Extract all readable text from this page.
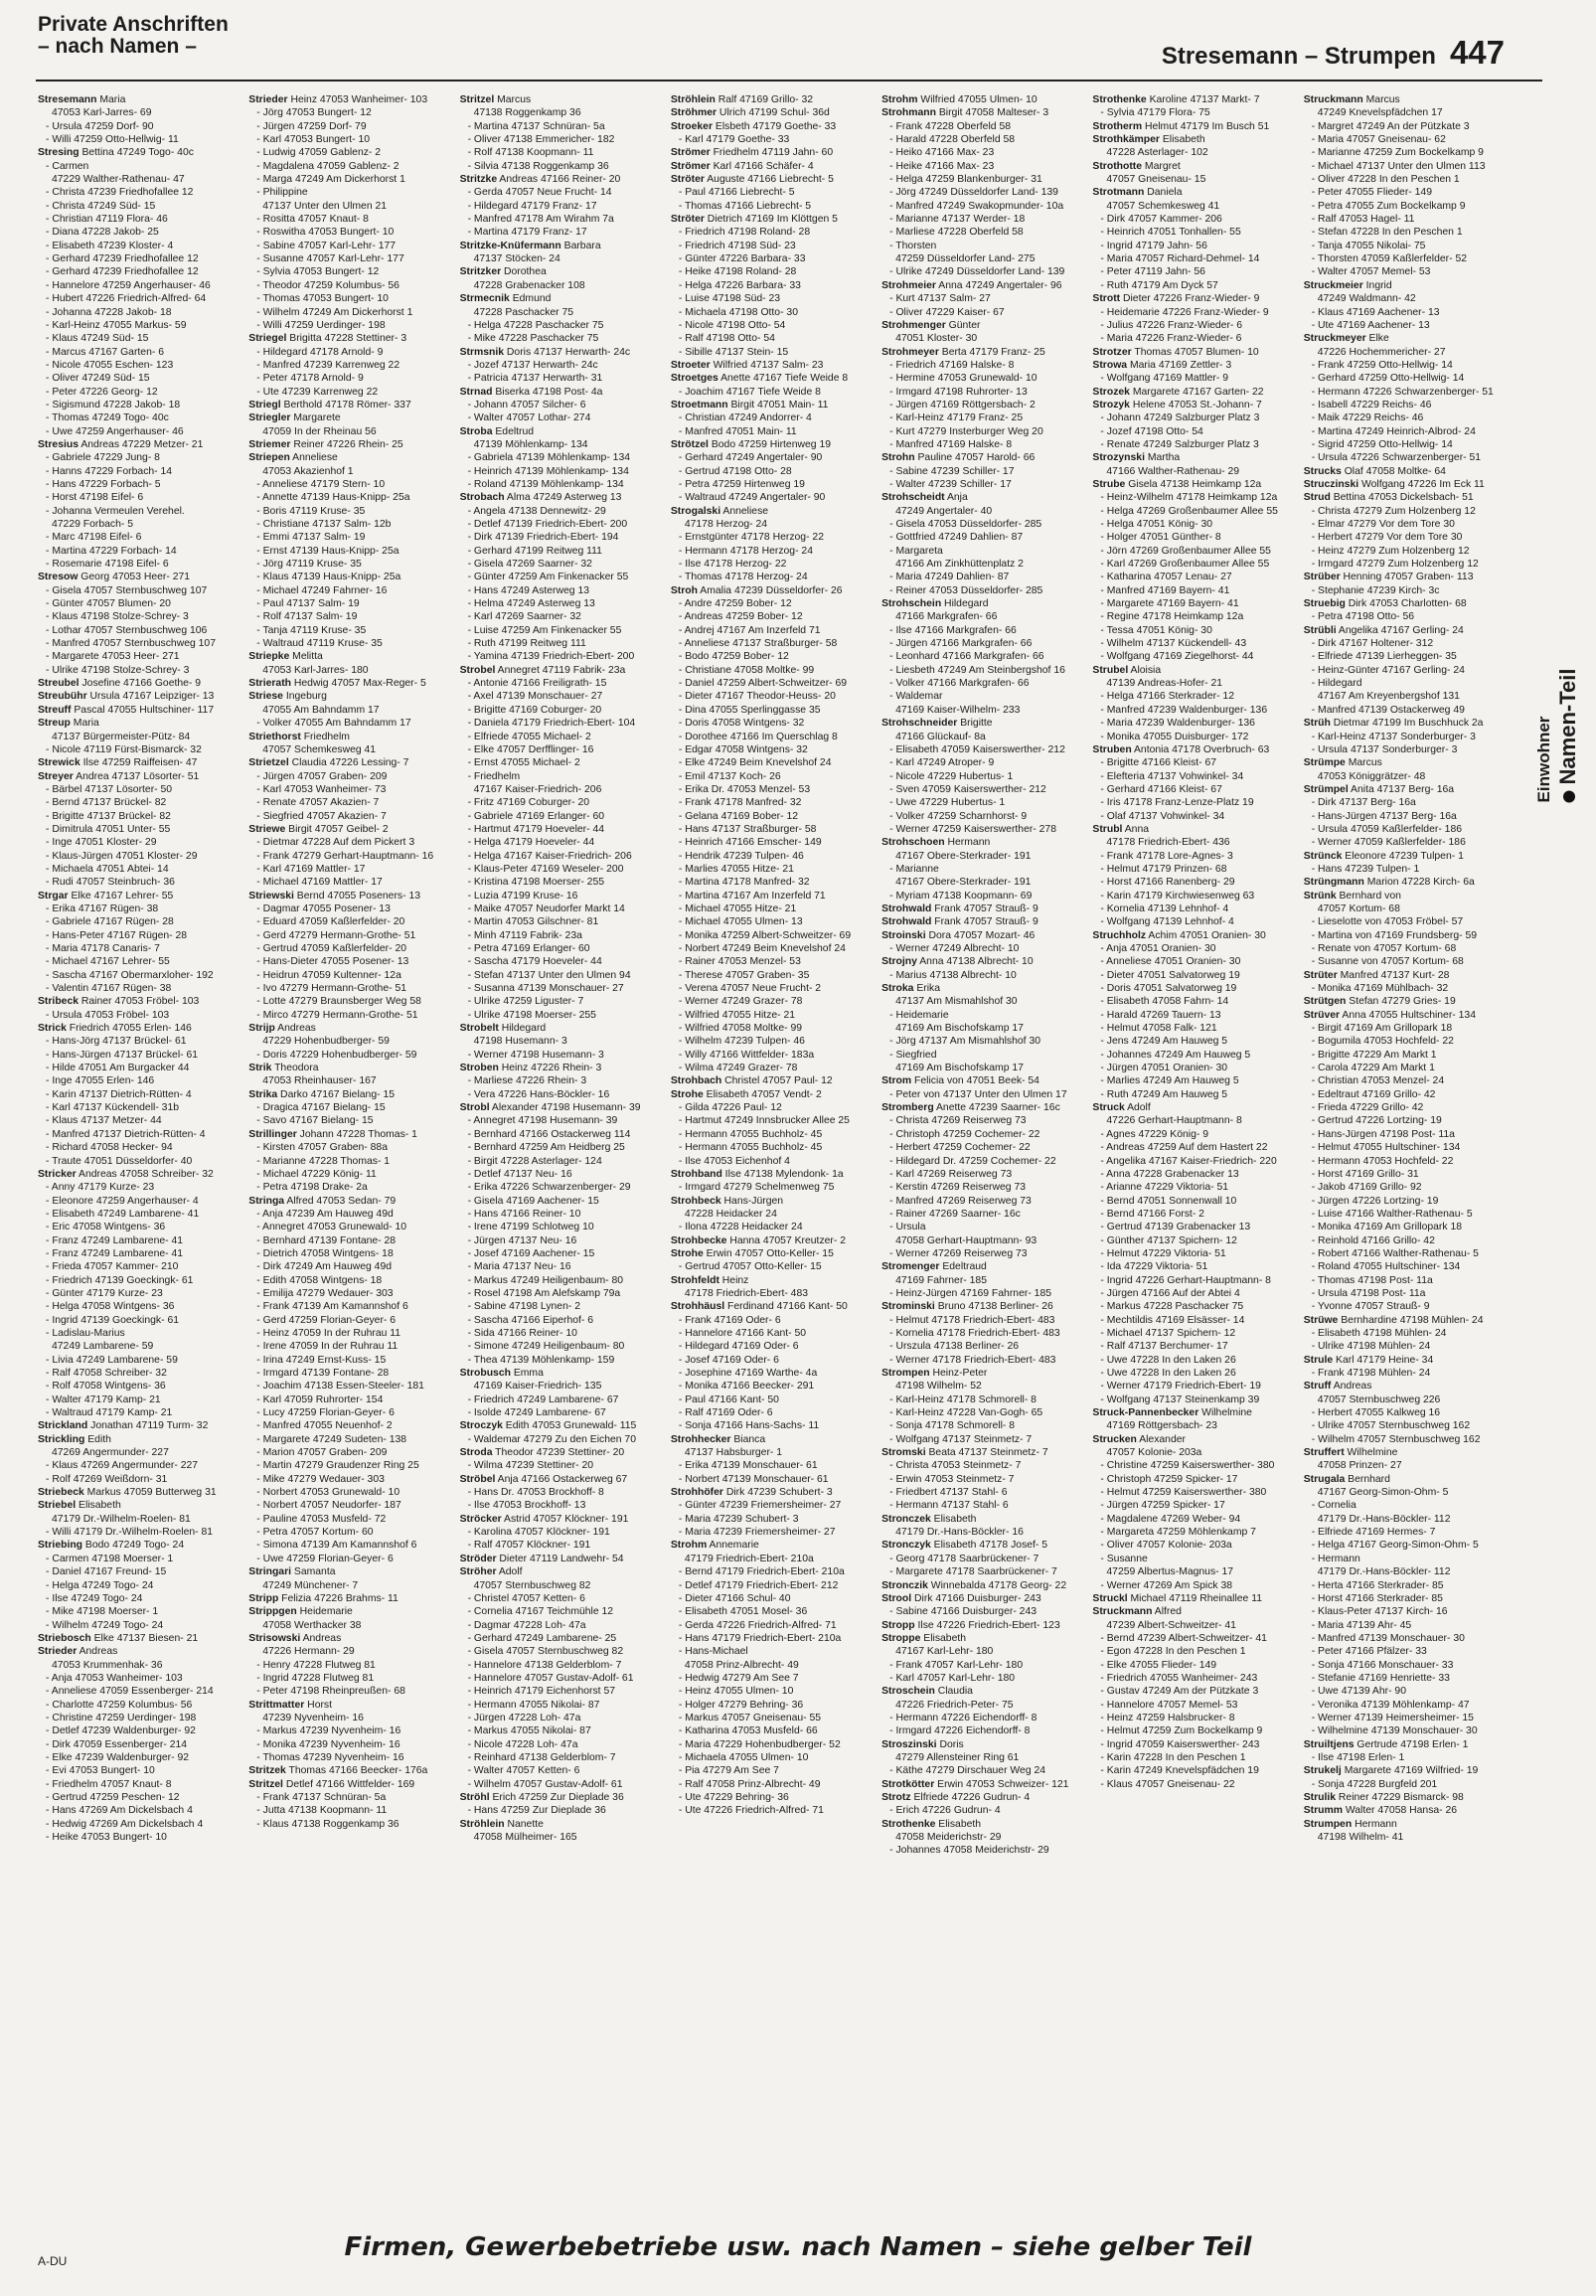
Private Anschriften
– nach Namen –	Stresemann – Strumpen 447
Stresemann Maria
47053 Karl-Jarres- 69
- Ursula 47259 Dorf- 90
- Willi 47259 Otto-Hellwig- 11
Stresing Bettina 47249 Togo- 40c
- Carmen
47229 Walther-Rathenau- 47
- Christa 47239 Friedhofallee 12
- Christa 47249 Süd- 15
- Christian 47119 Flora- 46
- Diana 47228 Jakob- 25
- Elisabeth 47239 Kloster- 4
- Gerhard 47239 Friedhofallee 12
- Gerhard 47239 Friedhofallee 12
- Hannelore 47259 Angerhauser- 46
- Hubert 47226 Friedrich-Alfred- 64
- Johanna 47228 Jakob- 18
- Karl-Heinz 47055 Markus- 59
- Klaus 47249 Süd- 15
- Marcus 47167 Garten- 6
- Nicole 47055 Eschen- 123
- Oliver 47249 Süd- 15
- Peter 47226 Georg- 12
- Sigismund 47228 Jakob- 18
- Thomas 47249 Togo- 40c
- Uwe 47259 Angerhauser- 46
Stresius Andreas 47229 Metzer- 21
- Gabriele 47229 Jung- 8
- Hanns 47229 Forbach- 14
- Hans 47229 Forbach- 5
- Horst 47198 Eifel- 6
- Johanna Vermeulen Verehel.
47229 Forbach- 5
- Marc 47198 Eifel- 6
- Martina 47229 Forbach- 14
- Rosemarie 47198 Eifel- 6
Stresow Georg 47053 Heer- 271
- Gisela 47057 Sternbuschweg 107
- Günter 47057 Blumen- 20
- Klaus 47198 Stolze-Schrey- 3
- Lothar 47057 Sternbuschweg 106
- Manfred 47057 Sternbuschweg 107
- Margarete 47053 Heer- 271
- Ulrike 47198 Stolze-Schrey- 3
Streubel Josefine 47166 Goethe- 9
Streubühr Ursula 47167 Leipziger- 13
Streuff Pascal 47055 Hultschiner- 117
Streup Maria
47137 Bürgermeister-Pütz- 84
- Nicole 47119 Fürst-Bismarck- 32
Strewick Ilse 47259 Raiffeisen- 47
Streyer Andrea 47137 Lösorter- 51
- Bärbel 47137 Lösorter- 50
- Bernd 47137 Brückel- 82
- Brigitte 47137 Brückel- 82
- Dimitrula 47051 Unter- 55
- Inge 47051 Kloster- 29
- Klaus-Jürgen 47051 Kloster- 29
- Michaela 47051 Abtei- 14
- Rudi 47057 Steinbruch- 36
Strgar Elke 47167 Lehrer- 55
- Erika 47167 Rügen- 38
- Gabriele 47167 Rügen- 28
- Hans-Peter 47167 Rügen- 28
- Maria 47178 Canaris- 7
- Michael 47167 Lehrer- 55
- Sascha 47167 Obermarxloher- 192
- Valentin 47167 Rügen- 38
Stribeck Rainer 47053 Fröbel- 103
- Ursula 47053 Fröbel- 103
Strick Friedrich 47055 Erlen- 146
- Hans-Jörg 47137 Brückel- 61
- Hans-Jürgen 47137 Brückel- 61
- Hilde 47051 Am Burgacker 44
- Inge 47055 Erlen- 146
- Karin 47137 Dietrich-Rütten- 4
- Karl 47137 Kückendell- 31b
- Klaus 47137 Metzer- 44
- Manfred 47137 Dietrich-Rütten- 4
- Richard 47058 Hecker- 94
- Traute 47051 Düsseldorfer- 40
Stricker Andreas 47058 Schreiber- 32
- Anny 47179 Kurze- 23
- Eleonore 47259 Angerhauser- 4
- Elisabeth 47249 Lambarene- 41
- Eric 47058 Wintgens- 36
- Franz 47249 Lambarene- 41
- Franz 47249 Lambarene- 41
- Frieda 47057 Kammer- 210
- Friedrich 47139 Goeckingk- 61
- Günter 47179 Kurze- 23
- Helga 47058 Wintgens- 36
- Ingrid 47139 Goeckingk- 61
- Ladislau-Marius
47249 Lambarene- 59
- Livia 47249 Lambarene- 59
- Ralf 47058 Schreiber- 32
- Rolf 47058 Wintgens- 36
- Walter 47179 Kamp- 21
- Waltraud 47179 Kamp- 21
Strickland Jonathan 47119 Turm- 32
Strickling Edith
47269 Angermunder- 227
- Klaus 47269 Angermunder- 227
- Rolf 47269 Weißdorn- 31
Striebeck Markus 47059 Butterweg 31
Striebel Elisabeth
47179 Dr.-Wilhelm-Roelen- 81
- Willi 47179 Dr.-Wilhelm-Roelen- 81
Striebing Bodo 47249 Togo- 24
- Carmen 47198 Moerser- 1
- Daniel 47167 Freund- 15
- Helga 47249 Togo- 24
- Ilse 47249 Togo- 24
- Mike 47198 Moerser- 1
- Wilhelm 47249 Togo- 24
Striebosch Elke 47137 Biesen- 21
Strieder Andreas
47053 Krummenhak- 36
- Anja 47053 Wanheimer- 103
- Anneliese 47059 Essenberger- 214
- Charlotte 47259 Kolumbus- 56
- Christine 47259 Uerdinger- 198
- Detlef 47239 Waldenburger- 92
- Dirk 47059 Essenberger- 214
- Elke 47239 Waldenburger- 92
- Evi 47053 Bungert- 10
- Friedhelm 47057 Knaut- 8
- Gertrud 47259 Peschen- 12
- Hans 47269 Am Dickelsbach 4
- Hedwig 47269 Am Dickelsbach 4
- Heike 47053 Bungert- 10
Strieder Heinz 47053 Wanheimer- 103
- Jörg 47053 Bungert- 12
- Jürgen 47259 Dorf- 79
- Karl 47053 Bungert- 10
- Ludwig 47059 Gablenz- 2
- Magdalena 47059 Gablenz- 2
- Marga 47249 Am Dickerhorst 1
- Philippine
47137 Unter den Ulmen 21
- Rositta 47057 Knaut- 8
- Roswitha 47053 Bungert- 10
- Sabine 47057 Karl-Lehr- 177
- Susanne 47057 Karl-Lehr- 177
- Sylvia 47053 Bungert- 12
- Theodor 47259 Kolumbus- 56
- Thomas 47053 Bungert- 10
- Wilhelm 47249 Am Dickerhorst 1
- Willi 47259 Uerdinger- 198
Striegel Brigitta 47228 Stettiner- 3
- Hildegard 47178 Arnold- 9
- Manfred 47239 Karrenweg 22
- Peter 47178 Arnold- 9
- Ute 47239 Karrenweg 22
Striegl Berthold 47178 Römer- 337
Striegler Margarete
47059 In der Rheinau 56
Striemer Reiner 47226 Rhein- 25
Striepen Anneliese
47053 Akazienhof 1
- Anneliese 47179 Stern- 10
- Annette 47139 Haus-Knipp- 25a
- Boris 47119 Kruse- 35
- Christiane 47137 Salm- 12b
- Emmi 47137 Salm- 19
- Ernst 47139 Haus-Knipp- 25a
- Jörg 47119 Kruse- 35
- Klaus 47139 Haus-Knipp- 25a
- Michael 47249 Fahrner- 16
- Paul 47137 Salm- 19
- Rolf 47137 Salm- 19
- Tanja 47119 Kruse- 35
- Waltraud 47119 Kruse- 35
Striepke Melitta
47053 Karl-Jarres- 180
Strierath Hedwig 47057 Max-Reger- 5
Striese Ingeburg
47055 Am Bahndamm 17
- Volker 47055 Am Bahndamm 17
Striethorst Friedhelm
47057 Schemkesweg 41
Strietzel Claudia 47226 Lessing- 7
- Jürgen 47057 Graben- 209
- Karl 47053 Wanheimer- 73
- Renate 47057 Akazien- 7
- Siegfried 47057 Akazien- 7
Striewe Birgit 47057 Geibel- 2
- Dietmar 47228 Auf dem Pickert 3
- Frank 47279 Gerhart-Hauptmann- 16
- Karl 47169 Mattler- 17
- Michael 47169 Mattler- 17
Striewski Bernd 47055 Poseners- 13
- Dagmar 47055 Posener- 13
- Eduard 47059 Kaßlerfelder- 20
- Gerd 47279 Hermann-Grothe- 51
- Gertrud 47059 Kaßlerfelder- 20
- Hans-Dieter 47055 Posener- 13
- Heidrun 47059 Kultenner- 12a
- Ivo 47279 Hermann-Grothe- 51
- Lotte 47279 Braunsberger Weg 58
- Mirco 47279 Hermann-Grothe- 51
Strijp Andreas
47229 Hohenbudberger- 59
- Doris 47229 Hohenbudberger- 59
Strik Theodora
47053 Rheinhauser- 167
Strika Darko 47167 Bielang- 15
- Dragica 47167 Bielang- 15
- Savo 47167 Bielang- 15
Strillinger Johann 47228 Thomas- 1
- Kirsten 47057 Graben- 88a
- Marianne 47228 Thomas- 1
- Michael 47229 König- 11
- Petra 47198 Drake- 2a
Stringa Alfred 47053 Sedan- 79
- Anja 47239 Am Hauweg 49d
- Annegret 47053 Grunewald- 10
- Bernhard 47139 Fontane- 28
- Dietrich 47058 Wintgens- 18
- Dirk 47249 Am Hauweg 49d
- Edith 47058 Wintgens- 18
- Emilija 47279 Wedauer- 303
- Frank 47139 Am Kamannshof 6
- Gerd 47259 Florian-Geyer- 6
- Heinz 47059 In der Ruhrau 11
- Irene 47059 In der Ruhrau 11
- Irina 47249 Ernst-Kuss- 15
- Irmgard 47139 Fontane- 28
- Joachim 47138 Essen-Steeler- 181
- Karl 47059 Ruhrorter- 154
- Lucy 47259 Florian-Geyer- 6
- Manfred 47055 Neuenhof- 2
- Margarete 47249 Sudeten- 138
- Marion 47057 Graben- 209
- Martin 47279 Graudenzer Ring 25
- Mike 47279 Wedauer- 303
- Norbert 47053 Grunewald- 10
- Norbert 47057 Neudorfer- 187
- Pauline 47053 Musfeld- 72
- Petra 47057 Kortum- 60
- Simona 47139 Am Kamannshof 6
- Uwe 47259 Florian-Geyer- 6
Stringari Samanta
47249 Münchener- 7
Stripp Felizia 47226 Brahms- 11
Strippgen Heidemarie
47058 Werthacker 38
Strisowski Andreas
47226 Hermann- 29
- Henry 47228 Flutweg 81
- Ingrid 47228 Flutweg 81
- Peter 47198 Rheinpreußen- 68
Strittmatter Horst
47239 Nyvenheim- 16
- Markus 47239 Nyvenheim- 16
- Monika 47239 Nyvenheim- 16
- Thomas 47239 Nyvenheim- 16
Stritzek Thomas 47166 Beecker- 176a
Stritzel Detlef 47166 Wittfelder- 169
- Frank 47137 Schnüran- 5a
- Jutta 47138 Koopmann- 11
- Klaus 47138 Roggenkamp 36
Stritzel Marcus
47138 Roggenkamp 36
- Martina 47137 Schnüran- 5a
- Oliver 47138 Emmericher- 182
- Rolf 47138 Koopmann- 11
- Silvia 47138 Roggenkamp 36
Stritzke Andreas 47166 Reiner- 20
- Gerda 47057 Neue Frucht- 14
- Hildegard 47179 Franz- 17
- Manfred 47178 Am Wirahm 7a
- Martina 47179 Franz- 17
Stritzke-Knüfermann Barbara
47137 Stöcken- 24
Stritzker Dorothea
47228 Grabenacker 108
Strmecnik Edmund
47228 Paschacker 75
- Helga 47228 Paschacker 75
- Mike 47228 Paschacker 75
Strmsnik Doris 47137 Herwarth- 24c
- Jozef 47137 Herwarth- 24c
- Patricia 47137 Herwarth- 31
Strnad Biserka 47198 Post- 4a
- Johann 47057 Silcher- 6
- Walter 47057 Lothar- 274
Stroba Edeltrud
47139 Möhlenkamp- 134
- Gabriela 47139 Möhlenkamp- 134
- Heinrich 47139 Möhlenkamp- 134
- Roland 47139 Möhlenkamp- 134
Strobach Alma 47249 Asterweg 13
- Angela 47138 Dennewitz- 29
- Detlef 47139 Friedrich-Ebert- 200
- Dirk 47139 Friedrich-Ebert- 194
- Gerhard 47199 Reitweg 111
- Gisela 47269 Saarner- 32
- Günter 47259 Am Finkenacker 55
- Hans 47249 Asterweg 13
- Helma 47249 Asterweg 13
- Karl 47269 Saarner- 32
- Luise 47259 Am Finkenacker 55
- Ruth 47199 Reitweg 111
- Yamina 47139 Friedrich-Ebert- 200
Strobel Annegret 47119 Fabrik- 23a
- Antonie 47166 Freiligrath- 15
- Axel 47139 Monschauer- 27
- Brigitte 47169 Coburger- 20
- Daniela 47179 Friedrich-Ebert- 104
- Elfriede 47055 Michael- 2
- Elke 47057 Derfflinger- 16
- Ernst 47055 Michael- 2
- Friedhelm
47167 Kaiser-Friedrich- 206
- Fritz 47169 Coburger- 20
- Gabriele 47169 Erlanger- 60
- Hartmut 47179 Hoeveler- 44
- Helga 47179 Hoeveler- 44
- Helga 47167 Kaiser-Friedrich- 206
- Klaus-Peter 47169 Weseler- 200
- Kristina 47198 Moerser- 255
- Luzia 47199 Kruse- 16
- Maike 47057 Neudorfer Markt 14
- Martin 47053 Gilschner- 81
- Minh 47119 Fabrik- 23a
- Petra 47169 Erlanger- 60
- Sascha 47179 Hoeveler- 44
- Stefan 47137 Unter den Ulmen 94
- Susanna 47139 Monschauer- 27
- Ulrike 47259 Liguster- 7
- Ulrike 47198 Moerser- 255
Strobelt Hildegard
47198 Husemann- 3
- Werner 47198 Husemann- 3
Stroben Heinz 47226 Rhein- 3
- Marliese 47226 Rhein- 3
- Vera 47226 Hans-Böckler- 16
Strobl Alexander 47198 Husemann- 39
- Annegret 47198 Husemann- 39
- Bernhard 47166 Ostackerweg 114
- Bernhard 47259 Am Heidberg 25
- Birgit 47228 Asterlager- 124
- Detlef 47137 Neu- 16
- Erika 47226 Schwarzenberger- 29
- Gisela 47169 Aachener- 15
- Hans 47166 Reiner- 10
- Irene 47199 Schlotweg 10
- Jürgen 47137 Neu- 16
- Josef 47169 Aachener- 15
- Maria 47137 Neu- 16
- Markus 47249 Heiligenbaum- 80
- Rosel 47198 Am Alefskamp 79a
- Sabine 47198 Lynen- 2
- Sascha 47166 Eiperhof- 6
- Sida 47166 Reiner- 10
- Simone 47249 Heiligenbaum- 80
- Thea 47139 Möhlenkamp- 159
Strobusch Emma
47169 Kaiser-Friedrich- 135
- Friedrich 47249 Lambarene- 67
- Isolde 47249 Lambarene- 67
Stroczyk Edith 47053 Grunewald- 115
- Waldemar 47279 Zu den Eichen 70
Stroda Theodor 47239 Stettiner- 20
- Wilma 47239 Stettiner- 20
Ströbel Anja 47166 Ostackerweg 67
- Hans Dr. 47053 Brockhoff- 8
- Ilse 47053 Brockhoff- 13
Ströcker Astrid 47057 Klöckner- 191
- Karolina 47057 Klöckner- 191
- Ralf 47057 Klöckner- 191
Ströder Dieter 47119 Landwehr- 54
Ströher Adolf
47057 Sternbuschweg 82
- Christel 47057 Ketten- 6
- Cornelia 47167 Teichmühle 12
- Dagmar 47228 Loh- 47a
- Gerhard 47249 Lambarene- 25
- Gisela 47057 Sternbuschweg 82
- Hannelore 47138 Gelderblom- 7
- Hannelore 47057 Gustav-Adolf- 61
- Heinrich 47179 Eichenhorst 57
- Hermann 47055 Nikolai- 87
- Jürgen 47228 Loh- 47a
- Markus 47055 Nikolai- 87
- Nicole 47228 Loh- 47a
- Reinhard 47138 Gelderblom- 7
- Walter 47057 Ketten- 6
- Wilhelm 47057 Gustav-Adolf- 61
Ströhl Erich 47259 Zur Dieplade 36
- Hans 47259 Zur Dieplade 36
Ströhlein Nanette
47058 Mülheimer- 165
Ströhlein Ralf 47169 Grillo- 32
Ströhmer Ulrich 47199 Schul- 36d
Stroeker Elsbeth 47179 Goethe- 33
- Karl 47179 Goethe- 33
Strömer Friedhelm 47119 Jahn- 60
Strömer Karl 47166 Schäfer- 4
Ströter Auguste 47166 Liebrecht- 5
- Paul 47166 Liebrecht- 5
- Thomas 47166 Liebrecht- 5
Ströter Dietrich 47169 Im Klöttgen 5
- Friedrich 47198 Roland- 28
- Friedrich 47198 Süd- 23
- Günter 47226 Barbara- 33
- Heike 47198 Roland- 28
- Helga 47226 Barbara- 33
- Luise 47198 Süd- 23
- Michaela 47198 Otto- 30
- Nicole 47198 Otto- 54
- Ralf 47198 Otto- 54
- Sibille 47137 Stein- 15
Stroeter Wilfried 47137 Salm- 23
Stroetges Anette 47167 Tiefe Weide 8
- Joachim 47167 Tiefe Weide 8
Stroetmann Birgit 47051 Main- 11
- Christian 47249 Andorrer- 4
- Manfred 47051 Main- 11
Strötzel Bodo 47259 Hirtenweg 19
- Gerhard 47249 Angertaler- 90
- Gertrud 47198 Otto- 28
- Petra 47259 Hirtenweg 19
- Waltraud 47249 Angertaler- 90
Strogalski Anneliese
47178 Herzog- 24
- Ernstgünter 47178 Herzog- 22
- Hermann 47178 Herzog- 24
- Ilse 47178 Herzog- 22
- Thomas 47178 Herzog- 24
Stroh Amalia 47239 Düsseldorfer- 26
- Andre 47259 Bober- 12
- Andreas 47259 Bober- 12
- Andrej 47167 Am Inzerfeld 71
- Anneliese 47137 Straßburger- 58
- Bodo 47259 Bober- 12
- Christiane 47058 Moltke- 99
- Daniel 47259 Albert-Schweitzer- 69
- Dieter 47167 Theodor-Heuss- 20
- Dina 47055 Sperlinggasse 35
- Doris 47058 Wintgens- 32
- Dorothee 47166 Im Querschlag 8
- Edgar 47058 Wintgens- 32
- Elke 47249 Beim Knevelshof 24
- Emil 47137 Koch- 26
- Erika Dr. 47053 Menzel- 53
- Frank 47178 Manfred- 32
- Gelana 47169 Bober- 12
- Hans 47137 Straßburger- 58
- Heinrich 47166 Emscher- 149
- Hendrik 47239 Tulpen- 46
- Marlies 47055 Hitze- 21
- Martina 47178 Manfred- 32
- Martina 47167 Am Inzerfeld 71
- Michael 47055 Hitze- 21
- Michael 47055 Ulmen- 13
- Monika 47259 Albert-Schweitzer- 69
- Norbert 47249 Beim Knevelshof 24
- Rainer 47053 Menzel- 53
- Therese 47057 Graben- 35
- Verena 47057 Neue Frucht- 2
- Werner 47249 Grazer- 78
- Wilfried 47055 Hitze- 21
- Wilfried 47058 Moltke- 99
- Wilhelm 47239 Tulpen- 46
- Willy 47166 Wittfelder- 183a
- Wilma 47249 Grazer- 78
Strohbach Christel 47057 Paul- 12
Strohe Elisabeth 47057 Vendt- 2
- Gilda 47226 Paul- 12
- Hartmut 47249 Innsbrucker Allee 25
- Hermann 47055 Buchholz- 45
- Hermann 47055 Buchholz- 45
- Ilse 47053 Eichenhof 4
Strohband Ilse 47138 Mylendonk- 1a
- Irmgard 47279 Schelmenweg 75
Strohbeck Hans-Jürgen
47228 Heidacker 24
- Ilona 47228 Heidacker 24
Strohbecke Hanna 47057 Kreutzer- 2
Strohe Erwin 47057 Otto-Keller- 15
- Gertrud 47057 Otto-Keller- 15
Strohfeldt Heinz
47178 Friedrich-Ebert- 483
Strohhäusl Ferdinand 47166 Kant- 50
- Frank 47169 Oder- 6
- Hannelore 47166 Kant- 50
- Hildegard 47169 Oder- 6
- Josef 47169 Oder- 6
- Josephine 47169 Warthe- 4a
- Monika 47166 Beecker- 291
- Paul 47166 Kant- 50
- Ralf 47169 Oder- 6
- Sonja 47166 Hans-Sachs- 11
Strohhecker Bianca
47137 Habsburger- 1
- Erika 47139 Monschauer- 61
- Norbert 47139 Monschauer- 61
Strohhöfer Dirk 47239 Schubert- 3
- Günter 47239 Friemersheimer- 27
- Maria 47239 Schubert- 3
- Maria 47239 Friemersheimer- 27
Strohm Annemarie
47179 Friedrich-Ebert- 210a
- Bernd 47179 Friedrich-Ebert- 210a
- Detlef 47179 Friedrich-Ebert- 212
- Dieter 47166 Schul- 40
- Elisabeth 47051 Mosel- 36
- Gerda 47226 Friedrich-Alfred- 71
- Hans 47179 Friedrich-Ebert- 210a
- Hans-Michael
47058 Prinz-Albrecht- 49
- Hedwig 47279 Am See 7
- Heinz 47055 Ulmen- 10
- Holger 47279 Behring- 36
- Markus 47057 Gneisenau- 55
- Katharina 47053 Musfeld- 66
- Maria 47229 Hohenbudberger- 52
- Michaela 47055 Ulmen- 10
- Pia 47279 Am See 7
- Ralf 47058 Prinz-Albrecht- 49
- Ute 47229 Behring- 36
- Ute 47226 Friedrich-Alfred- 71
Strohm Wilfried 47055 Ulmen- 10
Strohmann Birgit 47058 Malteser- 3
- Frank 47228 Oberfeld 58
- Harald 47228 Oberfeld 58
- Heiko 47166 Max- 23
- Heike 47166 Max- 23
- Helga 47259 Blankenburger- 31
- Jörg 47249 Düsseldorfer Land- 139
- Manfred 47249 Swakopmunder- 10a
- Marianne 47137 Werder- 18
- Marliese 47228 Oberfeld 58
- Thorsten
47259 Düsseldorfer Land- 275
- Ulrike 47249 Düsseldorfer Land- 139
Strohmeier Anna 47249 Angertaler- 96
- Kurt 47137 Salm- 27
- Oliver 47229 Kaiser- 67
Strohmenger Günter
47051 Kloster- 30
Strohmeyer Berta 47179 Franz- 25
- Friedrich 47169 Halske- 8
- Hermine 47053 Grunewald- 10
- Irmgard 47198 Ruhrorter- 13
- Jürgen 47169 Röttgersbach- 2
- Karl-Heinz 47179 Franz- 25
- Kurt 47279 Insterburger Weg 20
- Manfred 47169 Halske- 8
Strohn Pauline 47057 Harold- 66
- Sabine 47239 Schiller- 17
- Walter 47239 Schiller- 17
Strohscheidt Anja
47249 Angertaler- 40
- Gisela 47053 Düsseldorfer- 285
- Gottfried 47249 Dahlien- 87
- Margareta
47166 Am Zinkhüttenplatz 2
- Maria 47249 Dahlien- 87
- Reiner 47053 Düsseldorfer- 285
Strohschein Hildegard
47166 Markgrafen- 66
- Ilse 47166 Markgrafen- 66
- Jürgen 47166 Markgrafen- 66
- Leonhard 47166 Markgrafen- 66
- Liesbeth 47249 Am Steinbergshof 16
- Volker 47166 Markgrafen- 66
- Waldemar
47169 Kaiser-Wilhelm- 233
Strohschneider Brigitte
47166 Glückauf- 8a
- Elisabeth 47059 Kaiserswerther- 212
- Karl 47249 Atroper- 9
- Nicole 47229 Hubertus- 1
- Sven 47059 Kaiserswerther- 212
- Uwe 47229 Hubertus- 1
- Volker 47259 Scharnhorst- 9
- Werner 47259 Kaiserswerther- 278
Strohschoen Hermann
47167 Obere-Sterkrader- 191
- Marianne
47167 Obere-Sterkrader- 191
- Myriam 47138 Koopmann- 69
Strohwald Frank 47057 Strauß- 9
Strohwald Frank 47057 Strauß- 9
Stroinski Dora 47057 Mozart- 46
- Werner 47249 Albrecht- 10
Strojny Anna 47138 Albrecht- 10
- Marius 47138 Albrecht- 10
Stroka Erika
47137 Am Mismahlshof 30
- Heidemarie
47169 Am Bischofskamp 17
- Jörg 47137 Am Mismahlshof 30
- Siegfried
47169 Am Bischofskamp 17
Strom Felicia von 47051 Beek- 54
- Peter von 47137 Unter den Ulmen 17
Stromberg Anette 47239 Saarner- 16c
- Christa 47269 Reiserweg 73
- Christoph 47259 Cochemer- 22
- Herbert 47259 Cochemer- 22
- Hildegard Dr. 47259 Cochemer- 22
- Karl 47269 Reiserweg 73
- Kerstin 47269 Reiserweg 73
- Manfred 47269 Reiserweg 73
- Rainer 47269 Saarner- 16c
- Ursula
47058 Gerhart-Hauptmann- 93
- Werner 47269 Reiserweg 73
Stromenger Edeltraud
47169 Fahrner- 185
- Heinz-Jürgen 47169 Fahrner- 185
Strominski Bruno 47138 Berliner- 26
- Helmut 47178 Friedrich-Ebert- 483
- Kornelia 47178 Friedrich-Ebert- 483
- Urszula 47138 Berliner- 26
- Werner 47178 Friedrich-Ebert- 483
Strompen Heinz-Peter
47198 Wilhelm- 52
- Karl-Heinz 47178 Schmorell- 8
- Karl-Heinz 47228 Van-Gogh- 65
- Sonja 47178 Schmorell- 8
- Wolfgang 47137 Steinmetz- 7
Stromski Beata 47137 Steinmetz- 7
- Christa 47053 Steinmetz- 7
- Erwin 47053 Steinmetz- 7
- Friedbert 47137 Stahl- 6
- Hermann 47137 Stahl- 6
Stronczek Elisabeth
47179 Dr.-Hans-Böckler- 16
Stronczyk Elisabeth 47178 Josef- 5
- Georg 47178 Saarbrückener- 7
- Margarete 47178 Saarbrückener- 7
Stronczik Winnebalda 47178 Georg- 22
Strool Dirk 47166 Duisburger- 243
- Sabine 47166 Duisburger- 243
Stropp Ilse 47226 Friedrich-Ebert- 123
Stroppe Elisabeth
47167 Karl-Lehr- 180
- Frank 47057 Karl-Lehr- 180
- Karl 47057 Karl-Lehr- 180
Stroschein Claudia
47226 Friedrich-Peter- 75
- Hermann 47226 Eichendorff- 8
- Irmgard 47226 Eichendorff- 8
Stroszinski Doris
47279 Allensteiner Ring 61
- Käthe 47279 Dirschauer Weg 24
Strotkötter Erwin 47053 Schweizer- 121
Strotz Elfriede 47226 Gudrun- 4
- Erich 47226 Gudrun- 4
Strothenke Elisabeth
47058 Meiderichstr- 29
- Johannes 47058 Meiderichstr- 29
Strothenke Karoline 47137 Markt- 7
- Sylvia 47179 Flora- 75
Strotherm Helmut 47179 Im Busch 51
Strothkämper Elisabeth
47228 Asterlager- 102
Strothotte Margret
47057 Gneisenau- 15
Strotmann Daniela
47057 Schemkesweg 41
- Dirk 47057 Kammer- 206
- Heinrich 47051 Tonhallen- 55
- Ingrid 47179 Jahn- 56
- Maria 47057 Richard-Dehmel- 14
- Peter 47119 Jahn- 56
- Ruth 47179 Am Dyck 57
Strott Dieter 47226 Franz-Wieder- 9
- Heidemarie 47226 Franz-Wieder- 9
- Julius 47226 Franz-Wieder- 6
- Maria 47226 Franz-Wieder- 6
Strotzer Thomas 47057 Blumen- 10
Strowa Maria 47169 Zettler- 3
- Wolfgang 47169 Mattler- 9
Strozek Margarete 47167 Garten- 22
Strozyk Helene 47053 St.-Johann- 7
- Johann 47249 Salzburger Platz 3
- Jozef 47198 Otto- 54
- Renate 47249 Salzburger Platz 3
Strozynski Martha
47166 Walther-Rathenau- 29
Strube Gisela 47138 Heimkamp 12a
- Heinz-Wilhelm 47178 Heimkamp 12a
- Helga 47269 Großenbaumer Allee 55
- Helga 47051 König- 30
- Holger 47051 Günther- 8
- Jörn 47269 Großenbaumer Allee 55
- Karl 47269 Großenbaumer Allee 55
- Katharina 47057 Lenau- 27
- Manfred 47169 Bayern- 41
- Margarete 47169 Bayern- 41
- Regine 47178 Heimkamp 12a
- Tessa 47051 König- 30
- Wilhelm 47137 Kückendell- 43
- Wolfgang 47169 Ziegelhorst- 44
Strubel Aloisia
47139 Andreas-Hofer- 21
- Helga 47166 Sterkrader- 12
- Manfred 47239 Waldenburger- 136
- Maria 47239 Waldenburger- 136
- Monika 47055 Duisburger- 172
Struben Antonia 47178 Overbruch- 63
- Brigitte 47166 Kleist- 67
- Elefteria 47137 Vohwinkel- 34
- Gerhard 47166 Kleist- 67
- Iris 47178 Franz-Lenze-Platz 19
- Olaf 47137 Vohwinkel- 34
Strubl Anna
47178 Friedrich-Ebert- 436
- Frank 47178 Lore-Agnes- 3
- Helmut 47179 Prinzen- 68
- Horst 47166 Ranenberg- 29
- Karin 47179 Kirchwiesenweg 63
- Kornelia 47139 Lehnhof- 4
- Wolfgang 47139 Lehnhof- 4
Struchholz Achim 47051 Oranien- 30
- Anja 47051 Oranien- 30
- Anneliese 47051 Oranien- 30
- Dieter 47051 Salvatorweg 19
- Doris 47051 Salvatorweg 19
- Elisabeth 47058 Fahrn- 14
- Harald 47269 Tauern- 13
- Helmut 47058 Falk- 121
- Jens 47249 Am Hauweg 5
- Johannes 47249 Am Hauweg 5
- Jürgen 47051 Oranien- 30
- Marlies 47249 Am Hauweg 5
- Ruth 47249 Am Hauweg 5
Struck Adolf
47226 Gerhart-Hauptmann- 8
- Agnes 47229 König- 9
- Andreas 47259 Auf dem Hastert 22
- Angelika 47167 Kaiser-Friedrich- 220
- Anna 47228 Grabenacker 13
- Arianne 47229 Viktoria- 51
- Bernd 47051 Sonnenwall 10
- Bernd 47166 Forst- 2
- Gertrud 47139 Grabenacker 13
- Günther 47137 Spichern- 12
- Helmut 47229 Viktoria- 51
- Ida 47229 Viktoria- 51
- Ingrid 47226 Gerhart-Hauptmann- 8
- Jürgen 47166 Auf der Abtei 4
- Markus 47228 Paschacker 75
- Mechtildis 47169 Elsässer- 14
- Michael 47137 Spichern- 12
- Ralf 47137 Berchumer- 17
- Uwe 47228 In den Laken 26
- Uwe 47228 In den Laken 26
- Werner 47179 Friedrich-Ebert- 19
- Wolfgang 47137 Steinenkamp 39
Struck-Pannenbecker Wilhelmine
47169 Röttgersbach- 23
Strucken Alexander
47057 Kolonie- 203a
- Christine 47259 Kaiserswerther- 380
- Christoph 47259 Spicker- 17
- Helmut 47259 Kaiserswerther- 380
- Jürgen 47259 Spicker- 17
- Magdalene 47269 Weber- 94
- Margareta 47259 Möhlenkamp 7
- Oliver 47057 Kolonie- 203a
- Susanne
47259 Albertus-Magnus- 17
- Werner 47269 Am Spick 38
Struckl Michael 47119 Rheinallee 11
Struckmann Alfred
47239 Albert-Schweitzer- 41
- Bernd 47239 Albert-Schweitzer- 41
- Egon 47228 In den Peschen 1
- Elke 47055 Flieder- 149
- Friedrich 47055 Wanheimer- 243
- Gustav 47249 Am der Pützkate 3
- Hannelore 47057 Memel- 53
- Heinz 47259 Halsbrucker- 8
- Helmut 47259 Zum Bockelkamp 9
- Ingrid 47059 Kaiserswerther- 243
- Karin 47228 In den Peschen 1
- Karin 47249 Knevelspfädchen 19
- Klaus 47057 Gneisenau- 22
Struckmann Marcus
47249 Knevelspfädchen 17
- Margret 47249 An der Pützkate 3
- Maria 47057 Gneisenau- 62
- Marianne 47259 Zum Bockelkamp 9
- Michael 47137 Unter den Ulmen 113
- Oliver 47228 In den Peschen 1
- Peter 47055 Flieder- 149
- Petra 47055 Zum Bockelkamp 9
- Ralf 47053 Hagel- 11
- Stefan 47228 In den Peschen 1
- Tanja 47055 Nikolai- 75
- Thorsten 47059 Kaßlerfelder- 52
- Walter 47057 Memel- 53
Struckmeier Ingrid
47249 Waldmann- 42
- Klaus 47169 Aachener- 13
- Ute 47169 Aachener- 13
Struckmeyer Elke
47226 Hochemmericher- 27
- Frank 47259 Otto-Hellwig- 14
- Gerhard 47259 Otto-Hellwig- 14
- Hermann 47226 Schwarzenberger- 51
- Isabell 47229 Reichs- 46
- Maik 47229 Reichs- 46
- Martina 47249 Heinrich-Albrod- 24
- Sigrid 47259 Otto-Hellwig- 14
- Ursula 47226 Schwarzenberger- 51
Strucks Olaf 47058 Moltke- 64
Struczinski Wolfgang 47226 Im Eck 11
Strud Bettina 47053 Dickelsbach- 51
- Christa 47279 Zum Holzenberg 12
- Elmar 47279 Vor dem Tore 30
- Herbert 47279 Vor dem Tore 30
- Heinz 47279 Zum Holzenberg 12
- Irmgard 47279 Zum Holzenberg 12
Strüber Henning 47057 Graben- 113
- Stephanie 47239 Kirch- 3c
Struebig Dirk 47053 Charlotten- 68
- Petra 47198 Otto- 56
Strübli Angelika 47167 Gerling- 24
- Dirk 47167 Holtener- 312
- Elfriede 47139 Lierheggen- 35
- Heinz-Günter 47167 Gerling- 24
- Hildegard
47167 Am Kreyenbergshof 131
- Manfred 47139 Ostackerweg 49
Strüh Dietmar 47199 Im Buschhuck 2a
- Karl-Heinz 47137 Sonderburger- 3
- Ursula 47137 Sonderburger- 3
Strümpe Marcus
47053 Königgrätzer- 48
Strümpel Anita 47137 Berg- 16a
- Dirk 47137 Berg- 16a
- Hans-Jürgen 47137 Berg- 16a
- Ursula 47059 Kaßlerfelder- 186
- Werner 47059 Kaßlerfelder- 186
Strünck Eleonore 47239 Tulpen- 1
- Hans 47239 Tulpen- 1
Strüngmann Marion 47228 Kirch- 6a
Strünk Bernhard von
47057 Kortum- 68
- Lieselotte von 47053 Fröbel- 57
- Martina von 47169 Frundsberg- 59
- Renate von 47057 Kortum- 68
- Susanne von 47057 Kortum- 68
Strüter Manfred 47137 Kurt- 28
- Monika 47169 Mühlbach- 32
Strütgen Stefan 47279 Gries- 19
Strüver Anna 47055 Hultschiner- 134
- Birgit 47169 Am Grillopark 18
- Bogumila 47053 Hochfeld- 22
- Brigitte 47229 Am Markt 1
- Carola 47229 Am Markt 1
- Christian 47053 Menzel- 24
- Edeltraut 47169 Grillo- 42
- Frieda 47229 Grillo- 42
- Gertrud 47226 Lortzing- 19
- Hans-Jürgen 47198 Post- 11a
- Helmut 47055 Hultschiner- 134
- Hermann 47053 Hochfeld- 22
- Horst 47169 Grillo- 31
- Jakob 47169 Grillo- 92
- Jürgen 47226 Lortzing- 19
- Luise 47166 Walther-Rathenau- 5
- Monika 47169 Am Grillopark 18
- Reinhold 47166 Grillo- 42
- Robert 47166 Walther-Rathenau- 5
- Roland 47055 Hultschiner- 134
- Thomas 47198 Post- 11a
- Ursula 47198 Post- 11a
- Yvonne 47057 Strauß- 9
Strüwe Bernhardine 47198 Mühlen- 24
- Elisabeth 47198 Mühlen- 24
- Ulrike 47198 Mühlen- 24
Strule Karl 47179 Heine- 34
- Frank 47198 Mühlen- 24
Struff Andreas
47057 Sternbuschweg 226
- Herbert 47055 Kalkweg 16
- Ulrike 47057 Sternbuschweg 162
- Wilhelm 47057 Sternbuschweg 162
Struffert Wilhelmine
47058 Prinzen- 27
Strugala Bernhard
47167 Georg-Simon-Ohm- 5
- Cornelia
47179 Dr.-Hans-Böckler- 112
- Elfriede 47169 Hermes- 7
- Helga 47167 Georg-Simon-Ohm- 5
- Hermann
47179 Dr.-Hans-Böckler- 112
- Herta 47166 Sterkrader- 85
- Horst 47166 Sterkrader- 85
- Klaus-Peter 47137 Kirch- 16
- Maria 47139 Ahr- 45
- Manfred 47139 Monschauer- 30
- Peter 47166 Pfälzer- 33
- Sonja 47166 Monschauer- 33
- Stefanie 47169 Henriette- 33
- Uwe 47139 Ahr- 90
- Veronika 47139 Möhlenkamp- 47
- Werner 47139 Heimersheimer- 15
- Wilhelmine 47139 Monschauer- 30
Struiltjens Gertrude 47198 Erlen- 1
- Ilse 47198 Erlen- 1
Strukelj Margarete 47169 Wilfried- 19
- Sonja 47228 Burgfeld 201
Strulik Reiner 47229 Bismarck- 98
Strumm Walter 47058 Hansa- 26
Strumpen Hermann
47198 Wilhelm- 41
Einwohner Namen-Teil
Firmen, Gewerbebetriebe usw. nach Namen – siehe gelber Teil
A-DU
